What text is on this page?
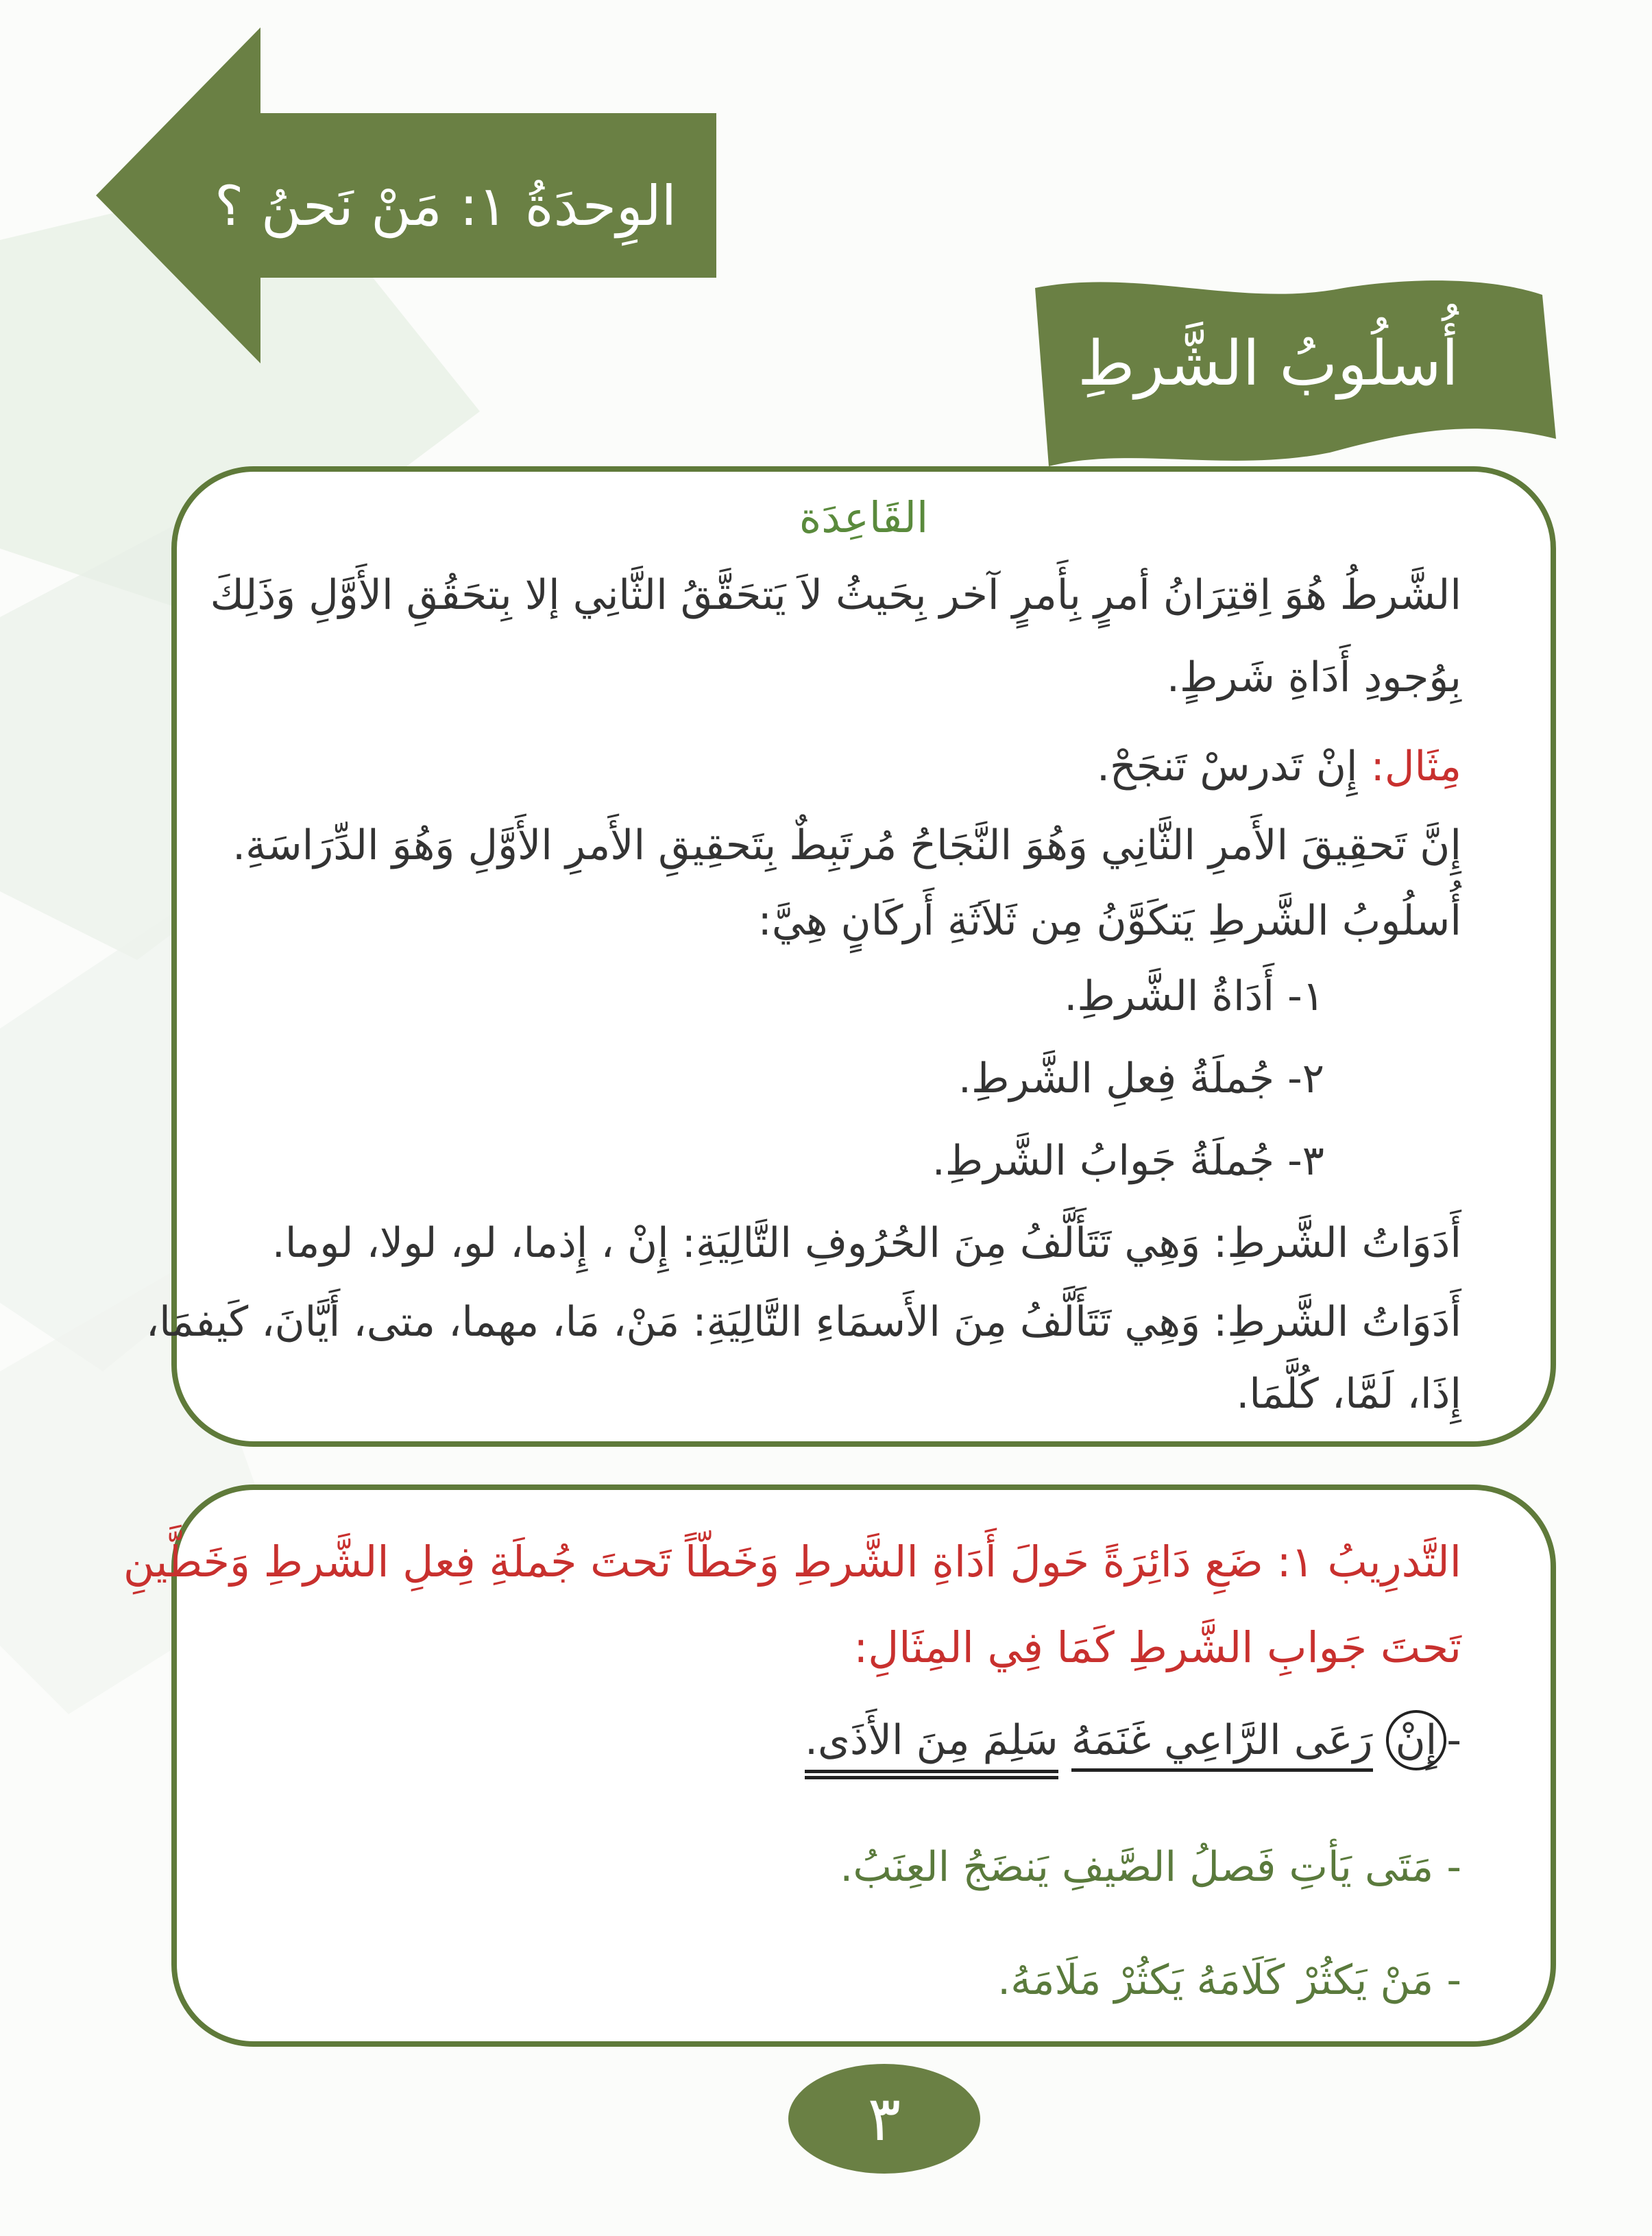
الوِحدَةُ ١: مَنْ نَحنُ ؟
أُسلُوبُ الشَّرطِ
القَاعِدَة
الشَّرطُ هُوَ اِقتِرَانُ أمرٍ بِأَمرٍ آخر بِحَيثُ لاَ يَتحَقَّقُ الثَّانِي إلا بِتحَقُقِ الأَوَّلِ وَذَلِكَ
بِوُجودِ أَدَاةِ شَرطٍ.
مِثَال: إِنْ تَدرسْ تَنجَحْ.
إِنَّ تَحقِيقَ الأَمرِ الثَّانِي وَهُوَ النَّجَاحُ مُرتَبِطٌ بِتَحقِيقِ الأَمرِ الأَوَّلِ وَهُوَ الدِّرَاسَةِ.
أُسلُوبُ الشَّرطِ يَتكَوَّنُ مِن ثَلاَثَةِ أَركَانٍ هِيَّ:
١- أَدَاةُ الشَّرطِ.
٢- جُملَةُ فِعلِ الشَّرطِ.
٣- جُملَةُ جَوابُ الشَّرطِ.
أَدَوَاتُ الشَّرطِ: وَهِي تَتَأَلَّفُ مِنَ الحُرُوفِ التَّالِيَةِ: إِنْ ، إِذما، لو، لولا، لوما.
أَدَوَاتُ الشَّرطِ: وَهِي تَتَأَلَّفُ مِنَ الأَسمَاءِ التَّالِيَةِ: مَنْ، مَا، مهما، متى، أَيَّانَ، كَيفمَا،
إِذَا، لَمَّا، كُلَّمَا.
التَّدرِيبُ ١: ضَعِ دَائِرَةً حَولَ أَدَاةِ الشَّرطِ وَخَطّاً تَحتَ جُملَةِ فِعلِ الشَّرطِ وَخَطَّينِ
تَحتَ جَوابِ الشَّرطِ كَمَا فِي المِثَالِ:
-إِنْ رَعَى الرَّاعِي غَنَمَهُ سَلِمَ مِنَ الأَذَى.
- مَتَى يَأتِ فَصلُ الصَّيفِ يَنضَجُ العِنَبُ.
- مَنْ يَكثُرْ كَلَامَهُ يَكثُرْ مَلَامَهُ.
٣
